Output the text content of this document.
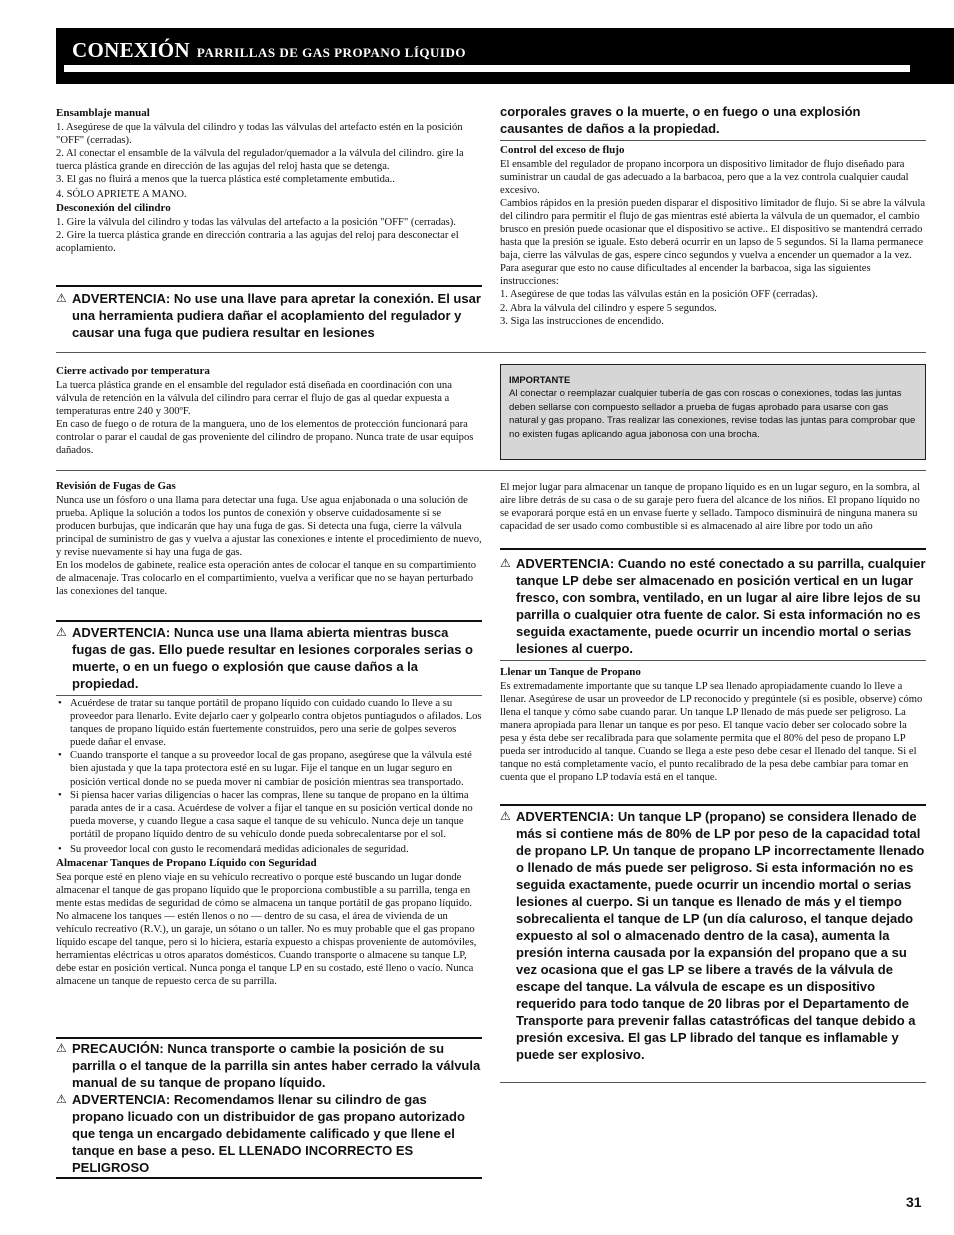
CONEXIÓN PARRILLAS DE GAS PROPANO LÍQUIDO
Ensamblaje manual
1. Asegúrese de que la válvula del cilindro y todas las válvulas del artefacto estén en la posición "OFF" (cerradas).
2. Al conectar el ensamble de la válvula del regulador/quemador a la válvula del cilindro. gire la tuerca plástica grande en dirección de las agujas del reloj hasta que se detenga.
3. El gas no fluirá a menos que la tuerca plástica esté completamente embutida..
4. SÓLO APRIETE A MANO.
Desconexión del cilindro
1. Gire la válvula del cilindro y todas las válvulas del artefacto a la posición "OFF" (cerradas).
2. Gire la tuerca plástica grande en dirección contraria a las agujas del reloj para desconectar el acoplamiento.
⚠ ADVERTENCIA: No use una llave para apretar la conexión. El usar una herramienta pudiera dañar el acoplamiento del regulador y causar una fuga que pudiera resultar en lesiones
corporales graves o la muerte, o en fuego o una explosión causantes de daños a la propiedad.
Control del exceso de flujo
El ensamble del regulador de propano incorpora un dispositivo limitador de flujo diseñado para suministrar un caudal de gas adecuado a la barbacoa, pero que a la vez controla cualquier caudal excesivo.
Cambios rápidos en la presión pueden disparar el dispositivo limitador de flujo. Si se abre la válvula del cilindro para permitir el flujo de gas mientras esté abierta la válvula de un quemador, el cambio brusco en presión puede ocasionar que el dispositivo se active.. El dispositivo se mantendrá cerrado hasta que la presión se iguale. Esto deberá ocurrir en un lapso de 5 segundos. Si la llama permanece baja, cierre las válvulas de gas, espere cinco segundos y vuelva a encender un quemador a la vez.
Para asegurar que esto no cause dificultades al encender la barbacoa, siga las siguientes instrucciones:
1. Asegúrese de que todas las válvulas están en la posición OFF (cerradas).
2. Abra la válvula del cilindro y espere 5 segundos.
3. Siga las instrucciones de encendido.
Cierre activado por temperatura
La tuerca plástica grande en el ensamble del regulador está diseñada en coordinación con una válvula de retención en la válvula del cilindro para cerrar el flujo de gas al quedar expuesta a temperaturas entre 240 y 300ºF.
En caso de fuego o de rotura de la manguera, uno de los elementos de protección funcionará para controlar o parar el caudal de gas proveniente del cilindro de propano. Nunca trate de usar equipos dañados.
IMPORTANTE
Al conectar o reemplazar cualquier tubería de gas con roscas o conexiones, todas las juntas deben sellarse con compuesto sellador a prueba de fugas aprobado para usarse con gas natural y gas propano. Tras realizar las conexiones, revise todas las juntas para comprobar que no existen fugas aplicando agua jabonosa con una brocha.
Revisión de Fugas de Gas
Nunca use un fósforo o una llama para detectar una fuga. Use agua enjabonada o una solución de prueba. Aplique la solución a todos los puntos de conexión y observe cuidadosamente si se producen burbujas, que indicarán que hay una fuga de gas. Si detecta una fuga, cierre la válvula principal de suministro de gas y vuelva a ajustar las conexiones e intente el procedimiento de nuevo, y revise nuevamente si hay una fuga de gas.
En los modelos de gabinete, realice esta operación antes de colocar el tanque en su compartimiento de almacenaje. Tras colocarlo en el compartimiento, vuelva a verificar que no se hayan perturbado las conexiones del tanque.
⚠ ADVERTENCIA: Nunca use una llama abierta mientras busca fugas de gas. Ello puede resultar en lesiones corporales serias o muerte, o en un fuego o explosión que cause daños a la propiedad.
• Acuérdese de tratar su tanque portátil de propano líquido con cuidado cuando lo lleve a su proveedor para llenarlo. Evite dejarlo caer y golpearlo contra objetos puntiagudos o afilados. Los tanques de propano líquido están fuertemente construidos, pero una serie de golpes severos puede dañar el envase.
• Cuando transporte el tanque a su proveedor local de gas propano, asegúrese que la válvula esté bien ajustada y que la tapa protectora esté en su lugar. Fije el tanque en un lugar seguro en posición vertical donde no se pueda mover ni cambiar de posición mientras sea transportado.
• Si piensa hacer varias diligencias o hacer las compras, llene su tanque de propano en la última parada antes de ir a casa. Acuérdese de volver a fijar el tanque en su posición vertical donde no pueda moverse, y cuando llegue a casa saque el tanque de su vehículo. Nunca deje un tanque portátil de propano líquido dentro de su vehículo donde pueda sobrecalentarse por el sol.
• Su proveedor local con gusto le recomendará medidas adicionales de seguridad.
Almacenar Tanques de Propano Líquido con Seguridad
Sea porque esté en pleno viaje en su vehículo recreativo o porque esté buscando un lugar donde almacenar el tanque de gas propano líquido que le proporciona combustible a su parrilla, tenga en mente estas medidas de seguridad de cómo se almacena un tanque portátil de gas propano líquido. No almacene los tanques — estén llenos o no — dentro de su casa, el área de vivienda de un vehículo recreativo (R.V.), un garaje, un sótano o un taller. No es muy probable que el gas propano líquido escape del tanque, pero si lo hiciera, estaría expuesto a chispas proveniente de automóviles, herramientas eléctricas u otros aparatos domésticos. Cuando transporte o almacene su tanque LP, debe estar en posición vertical. Nunca ponga el tanque LP en su costado, esté lleno o vacío. Nunca almacene un tanque de repuesto cerca de su parrilla.
⚠ PRECAUCIÓN: Nunca transporte o cambie la posición de su parrilla o el tanque de la parrilla sin antes haber cerrado la válvula manual de su tanque de propano líquido.
⚠ ADVERTENCIA: Recomendamos llenar su cilindro de gas propano licuado con un distribuidor de gas propano autorizado que tenga un encargado debidamente calificado y que llene el tanque en base a peso. EL LLENADO INCORRECTO ES PELIGROSO
El mejor lugar para almacenar un tanque de propano líquido es en un lugar seguro, en la sombra, al aire libre detrás de su casa o de su garaje pero fuera del alcance de los niños. El propano líquido no se evaporará porque está en un envase fuerte y sellado. Tampoco disminuirá de ninguna manera su capacidad de ser usado como combustible si es almacenado al aire libre por todo un año
⚠ ADVERTENCIA: Cuando no esté conectado a su parrilla, cualquier tanque LP debe ser almacenado en posición vertical en un lugar fresco, con sombra, ventilado, en un lugar al aire libre lejos de su parrilla o cualquier otra fuente de calor. Si esta información no es seguida exactamente, puede ocurrir un incendio mortal o serias lesiones al cuerpo.
Llenar un Tanque de Propano
Es extremadamente importante que su tanque LP sea llenado apropiadamente cuando lo lleve a llenar. Asegúrese de usar un proveedor de LP reconocido y pregúntele (si es posible, observe) cómo llena el tanque y cómo sabe cuando parar. Un tanque LP llenado de más puede ser peligroso. La manera apropiada para llenar un tanque es por peso. El tanque vacío deber ser colocado sobre la pesa y ésta debe ser recalibrada para que solamente permita que el 80% del peso de propano LP pueda ser introducido al tanque. Cuando se llega a este peso debe cesar el llenado del tanque. Si el tanque no está completamente vacío, el punto recalibrado de la pesa debe cambiar para tomar en cuenta que el propano LP todavía está en el tanque.
⚠ ADVERTENCIA: Un tanque LP (propano) se considera llenado de más si contiene más de 80% de LP por peso de la capacidad total de propano LP. Un tanque de propano LP incorrectamente llenado o llenado de más puede ser peligroso. Si esta información no es seguida exactamente, puede ocurrir un incendio mortal o serias lesiones al cuerpo. Si un tanque es llenado de más y el tiempo sobrecalienta el tanque de LP (un día caluroso, el tanque dejado expuesto al sol o almacenado dentro de la casa), aumenta la presión interna causada por la expansión del propano que a su vez ocasiona que el gas LP se libere a través de la válvula de escape del tanque. La válvula de escape es un dispositivo requerido para todo tanque de 20 libras por el Departamento de Transporte para prevenir fallas catastróficas del tanque debido a presión excesiva. El gas LP librado del tanque es inflamable y puede ser explosivo.
31
